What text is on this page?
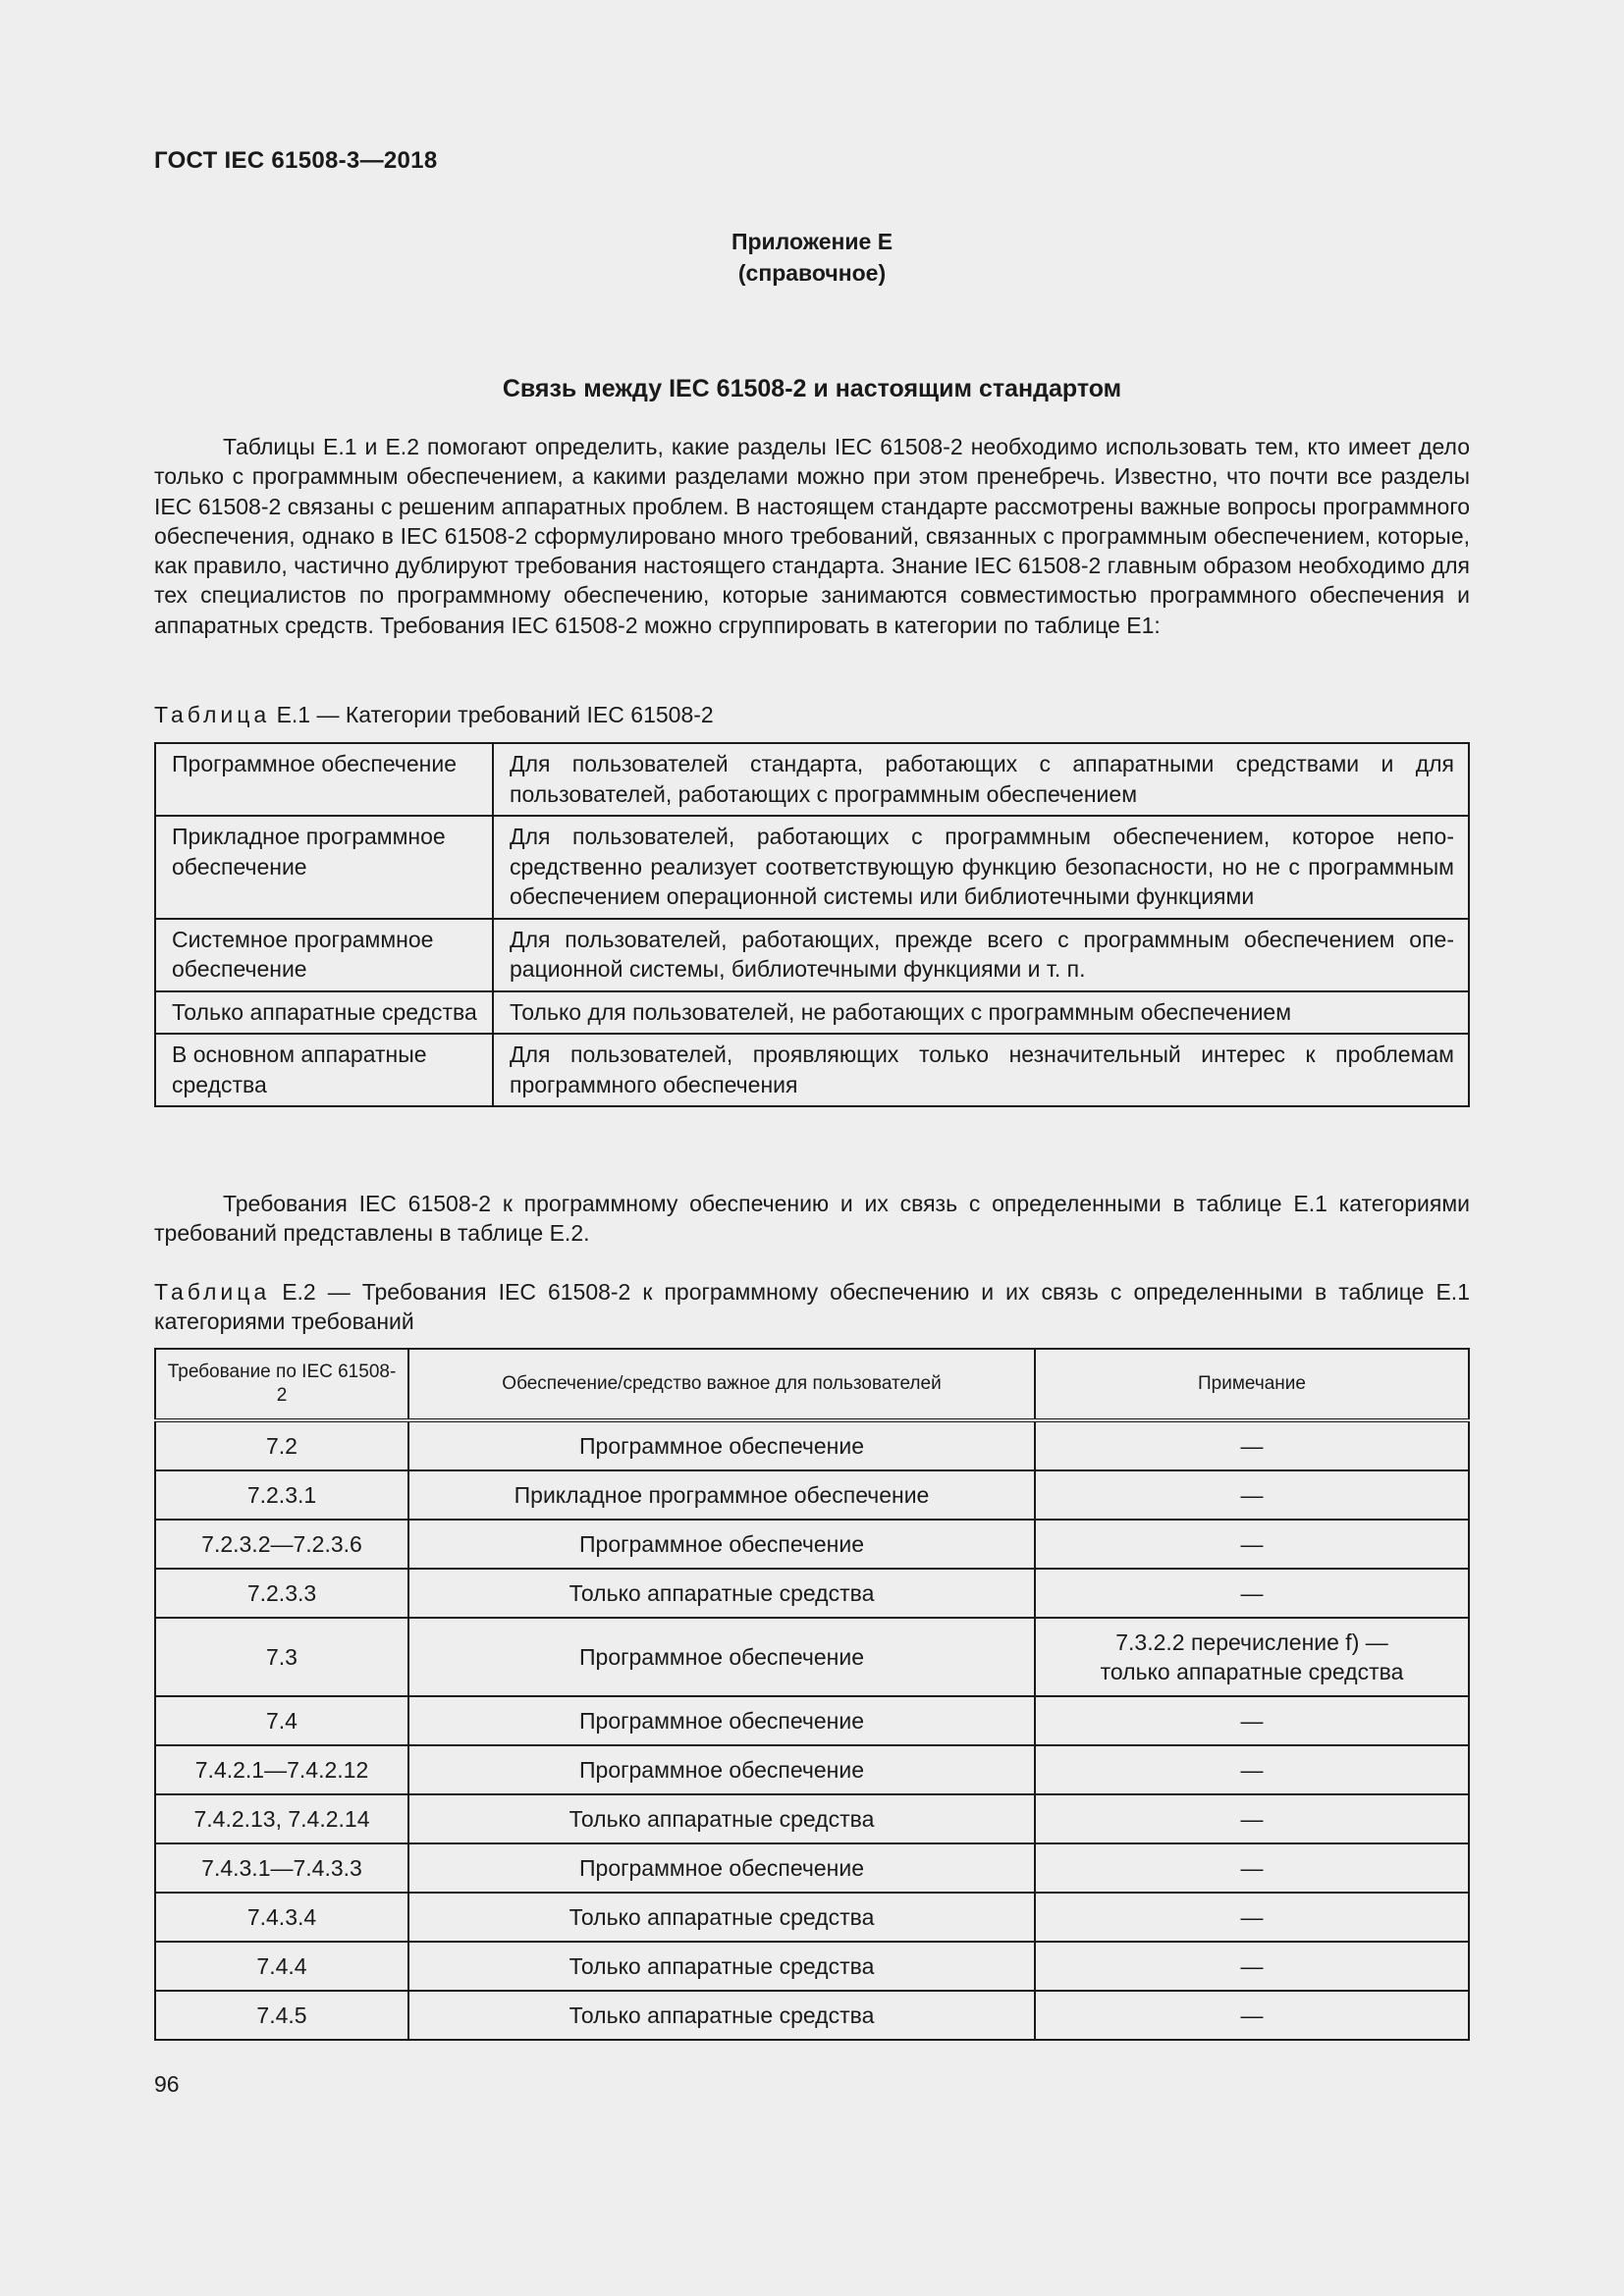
ГОСТ IEC 61508-3—2018
Приложение E
(справочное)
Связь между IEC 61508-2 и настоящим стандартом

Таблицы E.1 и E.2 помогают определить, какие разделы IEC 61508-2 необходимо использовать тем, кто имеет дело только с программным обеспечением, а какими разделами можно при этом пренебречь. Известно, что почти все разделы IEC 61508-2 связаны с решеним аппаратных проблем. В настоящем стандарте рассмотрены важные вопросы программного обеспечения, однако в IEC 61508-2 сформулировано много требований, связанных с программным обеспечением, которые, как правило, частично дублируют требования настоящего стандарта. Знание IEC 61508-2 главным образом необходимо для тех специалистов по программному обеспечению, которые занимаются совместимостью программного обеспечения и аппаратных средств. Требования IEC 61508-2 можно сгруппировать в категории по таблице E1:

Таблица E.1 — Категории требований IEC 61508-2

Программное обеспечение	Для пользователей стандарта, работающих с аппаратными средствами и для пользователей, работающих с программным обеспечением
Прикладное программное обеспечение	Для пользователей, работающих с программным обеспечением, которое непосредственно реализует соответствующую функцию безопасности, но не с программным обеспечением операционной системы или библиотечными функциями
Системное программное обеспечение	Для пользователей, работающих, прежде всего с программным обеспечением операционной системы, библиотечными функциями и т. п.
Только аппаратные средства	Только для пользователей, не работающих с программным обеспечением
В основном аппаратные средства	Для пользователей, проявляющих только незначительный интерес к проблемам программного обеспечения

Требования IEC 61508-2 к программному обеспечению и их связь с определенными в таблице E.1 категориями требований представлены в таблице E.2.

Таблица E.2 — Требования IEC 61508-2 к программному обеспечению и их связь с определенными в таблице E.1 категориями требований

Требование по IEC 61508-2	Обеспечение/средство важное для пользователей	Примечание
7.2	Программное обеспечение	—
7.2.3.1	Прикладное программное обеспечение	—
7.2.3.2—7.2.3.6	Программное обеспечение	—
7.2.3.3	Только аппаратные средства	—
7.3	Программное обеспечение	7.3.2.2 перечисление f) —
только аппаратные средства

7.4	Программное обеспечение	—
7.4.2.1—7.4.2.12	Программное обеспечение	—
7.4.2.13, 7.4.2.14	Только аппаратные средства	—
7.4.3.1—7.4.3.3	Программное обеспечение	—
7.4.3.4	Только аппаратные средства	—
7.4.4	Только аппаратные средства	—
7.4.5	Только аппаратные средства	—
96
